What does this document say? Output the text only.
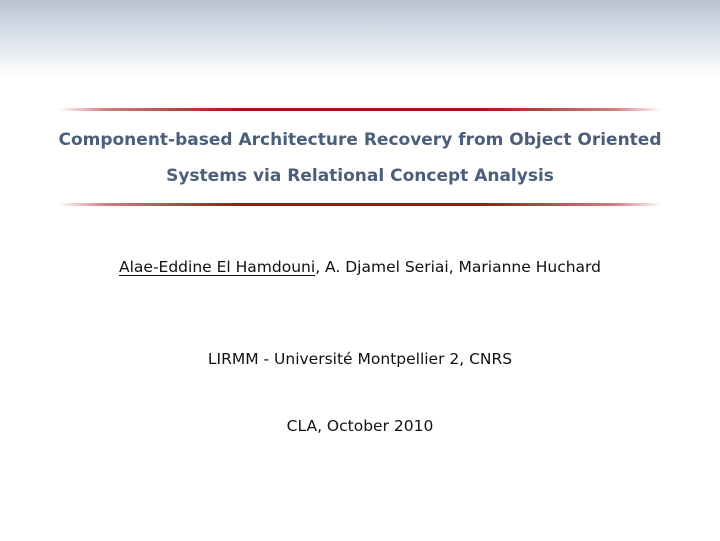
Component-based Architecture Recovery from Object Oriented
Systems via Relational Concept Analysis
Alae-Eddine El Hamdouni, A. Djamel Seriai, Marianne Huchard
LIRMM - Université Montpellier 2, CNRS
CLA, October 2010
